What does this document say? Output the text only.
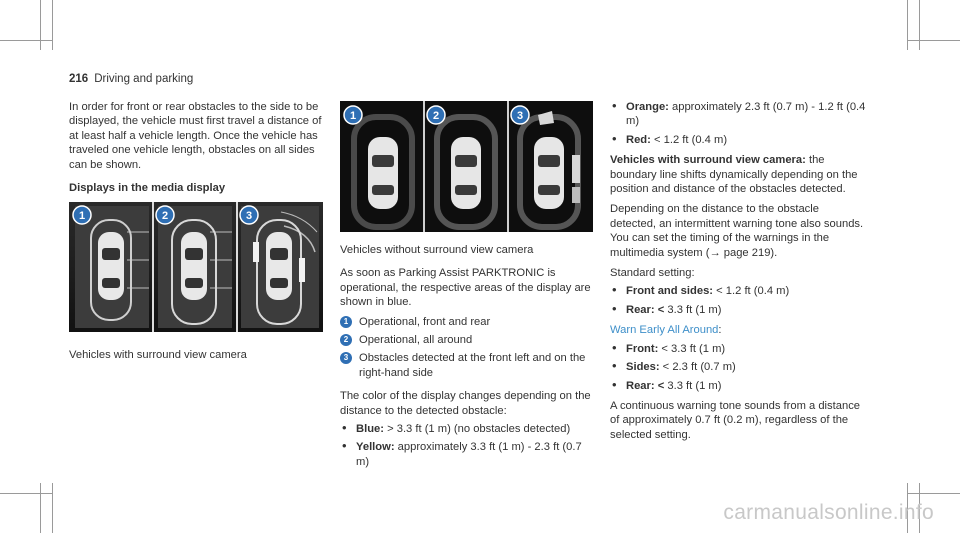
216 Driving and parking

In order for front or rear obstacles to the side to be displayed, the vehicle must first travel a distance of at least half a vehicle length. Once the vehicle has traveled one vehicle length, obstacles on all sides can be shown.

Displays in the media display
1	2	3

Vehicles with surround view camera

1	2	3

Vehicles without surround view camera

As soon as Parking Assist PARKTRONIC is operational, the respective areas of the display are shown in blue.

1 Operational, front and rear
2 Operational, all around
3 Obstacles detected at the front left and on the right-hand side

The color of the display changes depending on the distance to the detected obstacle:

• Blue: > 3.3 ft (1 m) (no obstacles detected)
• Yellow: approximately 3.3 ft (1 m) - 2.3 ft (0.7 m)
• Orange: approximately 2.3 ft (0.7 m) - 1.2 ft (0.4 m)
• Red: < 1.2 ft (0.4 m)

Vehicles with surround view camera: the boundary line shifts dynamically depending on the position and distance of the obstacles detected.

Depending on the distance to the obstacle detected, an intermittent warning tone also sounds. You can set the timing of the warnings in the multimedia system (→ page 219).

Standard setting:

• Front and sides: < 1.2 ft (0.4 m)
• Rear: < 3.3 ft (1 m)

Warn Early All Around:

• Front: < 3.3 ft (1 m)
• Sides: < 2.3 ft (0.7 m)
• Rear: < 3.3 ft (1 m)

A continuous warning tone sounds from a distance of approximately 0.7 ft (0.2 m), regardless of the selected setting.

carmanualsonline.info
